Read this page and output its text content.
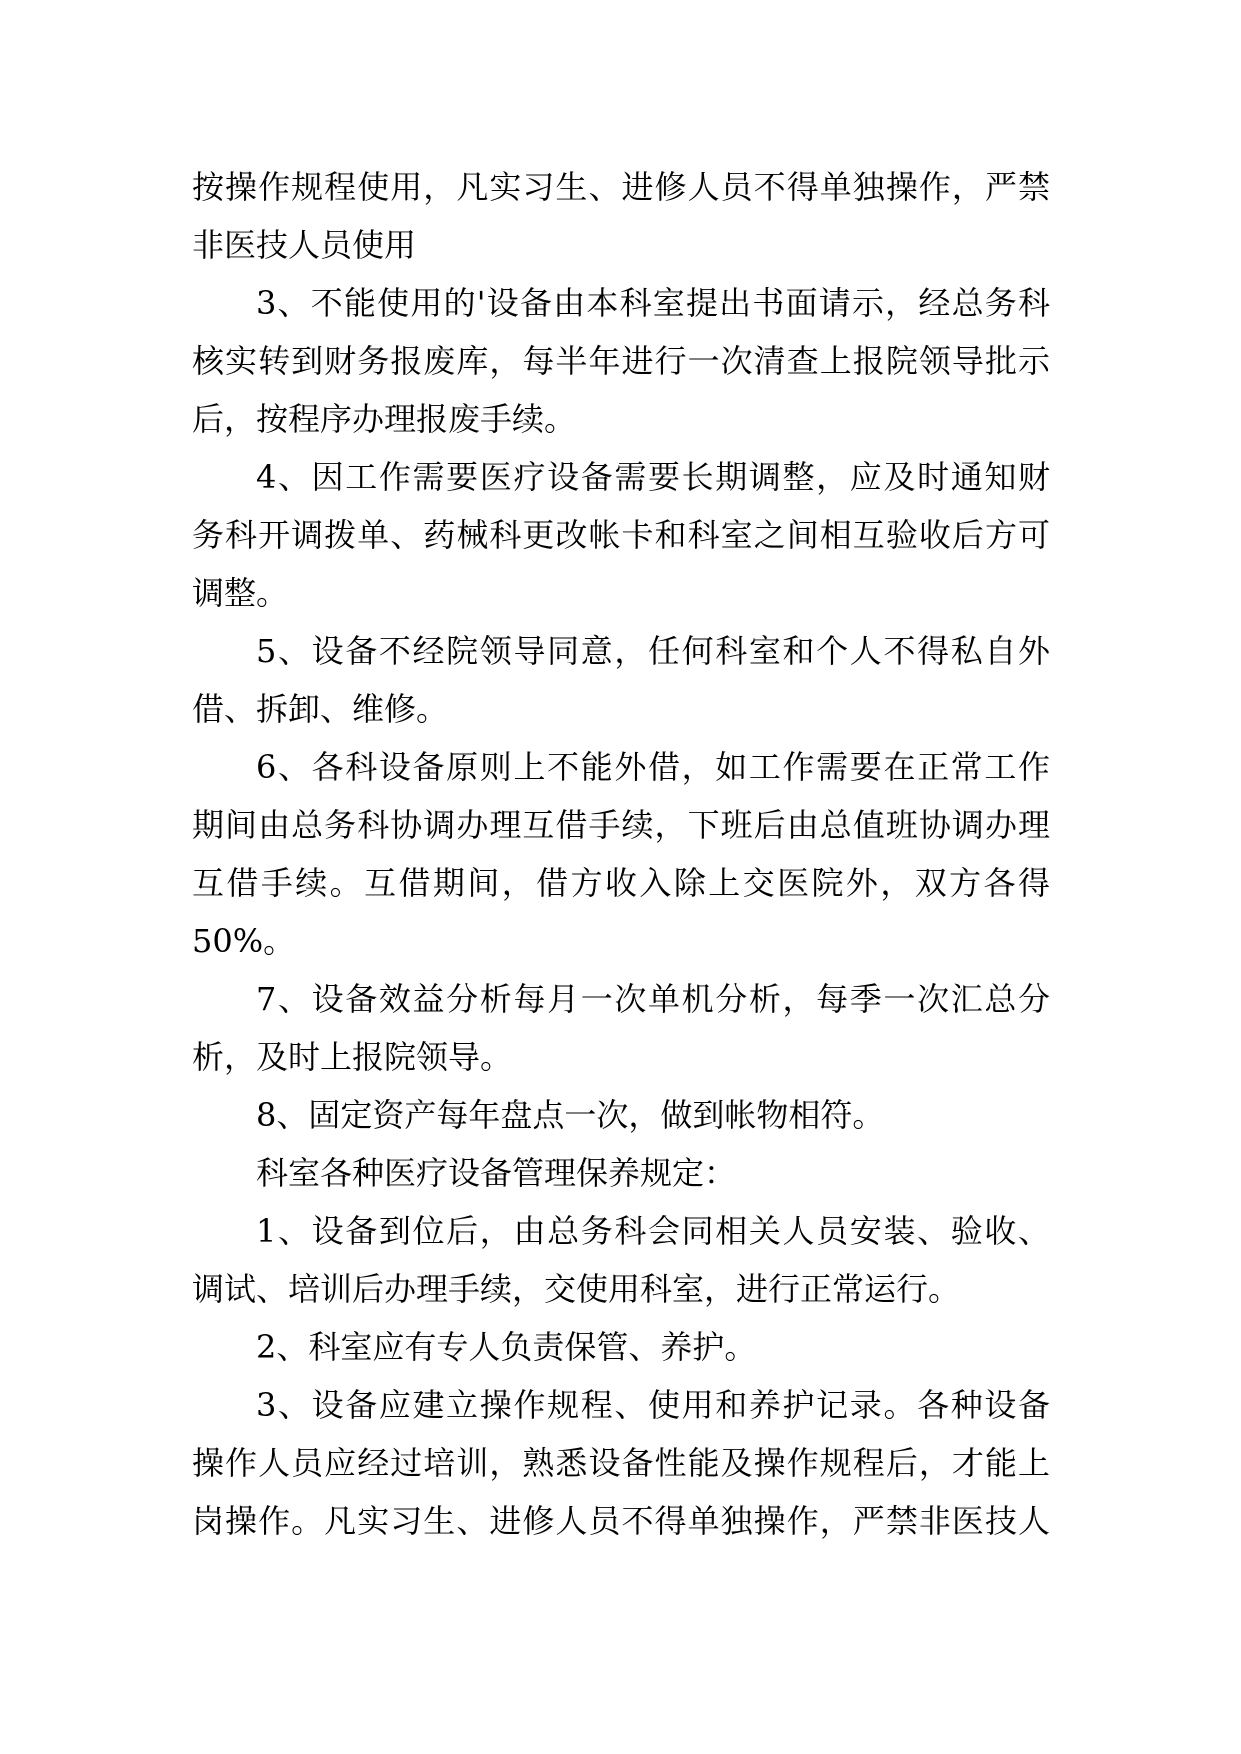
按操作规程使用，凡实习生、进修人员不得单独操作，严禁
非医技人员使用
3、不能使用的'设备由本科室提出书面请示，经总务科
核实转到财务报废库，每半年进行一次清查上报院领导批示
后，按程序办理报废手续。
4、因工作需要医疗设备需要长期调整，应及时通知财
务科开调拨单、药械科更改帐卡和科室之间相互验收后方可
调整。
5、设备不经院领导同意，任何科室和个人不得私自外
借、拆卸、维修。
6、各科设备原则上不能外借，如工作需要在正常工作
期间由总务科协调办理互借手续，下班后由总值班协调办理
互借手续。互借期间，借方收入除上交医院外，双方各得
50%。
7、设备效益分析每月一次单机分析，每季一次汇总分
析，及时上报院领导。
8、固定资产每年盘点一次，做到帐物相符。
科室各种医疗设备管理保养规定：
1、设备到位后，由总务科会同相关人员安装、验收、
调试、培训后办理手续，交使用科室，进行正常运行。
2、科室应有专人负责保管、养护。
3、设备应建立操作规程、使用和养护记录。各种设备
操作人员应经过培训，熟悉设备性能及操作规程后，才能上
岗操作。凡实习生、进修人员不得单独操作，严禁非医技人
